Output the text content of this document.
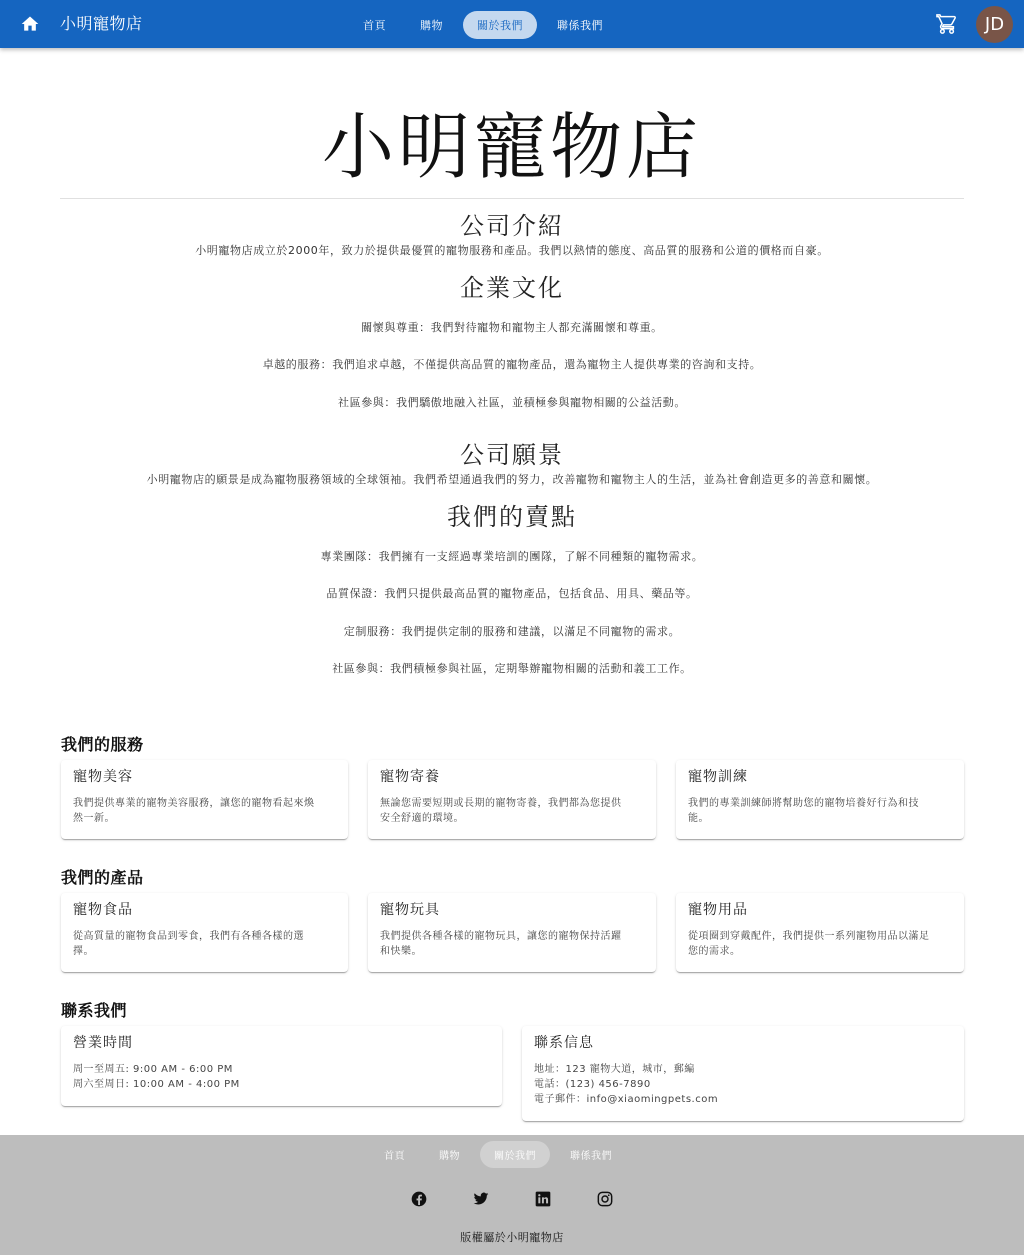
小明寵物店	首頁	購物	關於我們	聯係我們	JD
小明寵物店
公司介紹
小明寵物店成立於2000年，致力於提供最優質的寵物服務和產品。我們以熱情的態度、高品質的服務和公道的價格而自豪。
企業文化
關懷與尊重：我們對待寵物和寵物主人都充滿關懷和尊重。
卓越的服務：我們追求卓越，不僅提供高品質的寵物產品，還為寵物主人提供專業的咨詢和支持。
社區參與：我們驕傲地融入社區，並積極參與寵物相關的公益活動。
公司願景
小明寵物店的願景是成為寵物服務領域的全球領袖。我們希望通過我們的努力，改善寵物和寵物主人的生活，並為社會創造更多的善意和關懷。
我們的賣點
專業團隊：我們擁有一支經過專業培訓的團隊，了解不同種類的寵物需求。
品質保證：我們只提供最高品質的寵物產品，包括食品、用具、藥品等。
定制服務：我們提供定制的服務和建議，以滿足不同寵物的需求。
社區參與：我們積極參與社區，定期舉辦寵物相關的活動和義工工作。
我們的服務
寵物美容
我們提供專業的寵物美容服務，讓您的寵物看起來煥
然一新。
寵物寄養
無論您需要短期或長期的寵物寄養，我們都為您提供
安全舒適的環境。
寵物訓練
我們的專業訓練師將幫助您的寵物培養好行為和技
能。
我們的產品
寵物食品
從高質量的寵物食品到零食，我們有各種各樣的選
擇。
寵物玩具
我們提供各種各樣的寵物玩具，讓您的寵物保持活躍
和快樂。
寵物用品
從項圈到穿戴配件，我們提供一系列寵物用品以滿足
您的需求。
聯系我們
營業時間
周一至周五: 9:00 AM - 6:00 PM
周六至周日: 10:00 AM - 4:00 PM
聯系信息
地址：123 寵物大道，城市，郵編
電話：(123) 456-7890
電子郵件：info@xiaomingpets.com
首頁	購物	關於我們	聯係我們
版權屬於小明寵物店
